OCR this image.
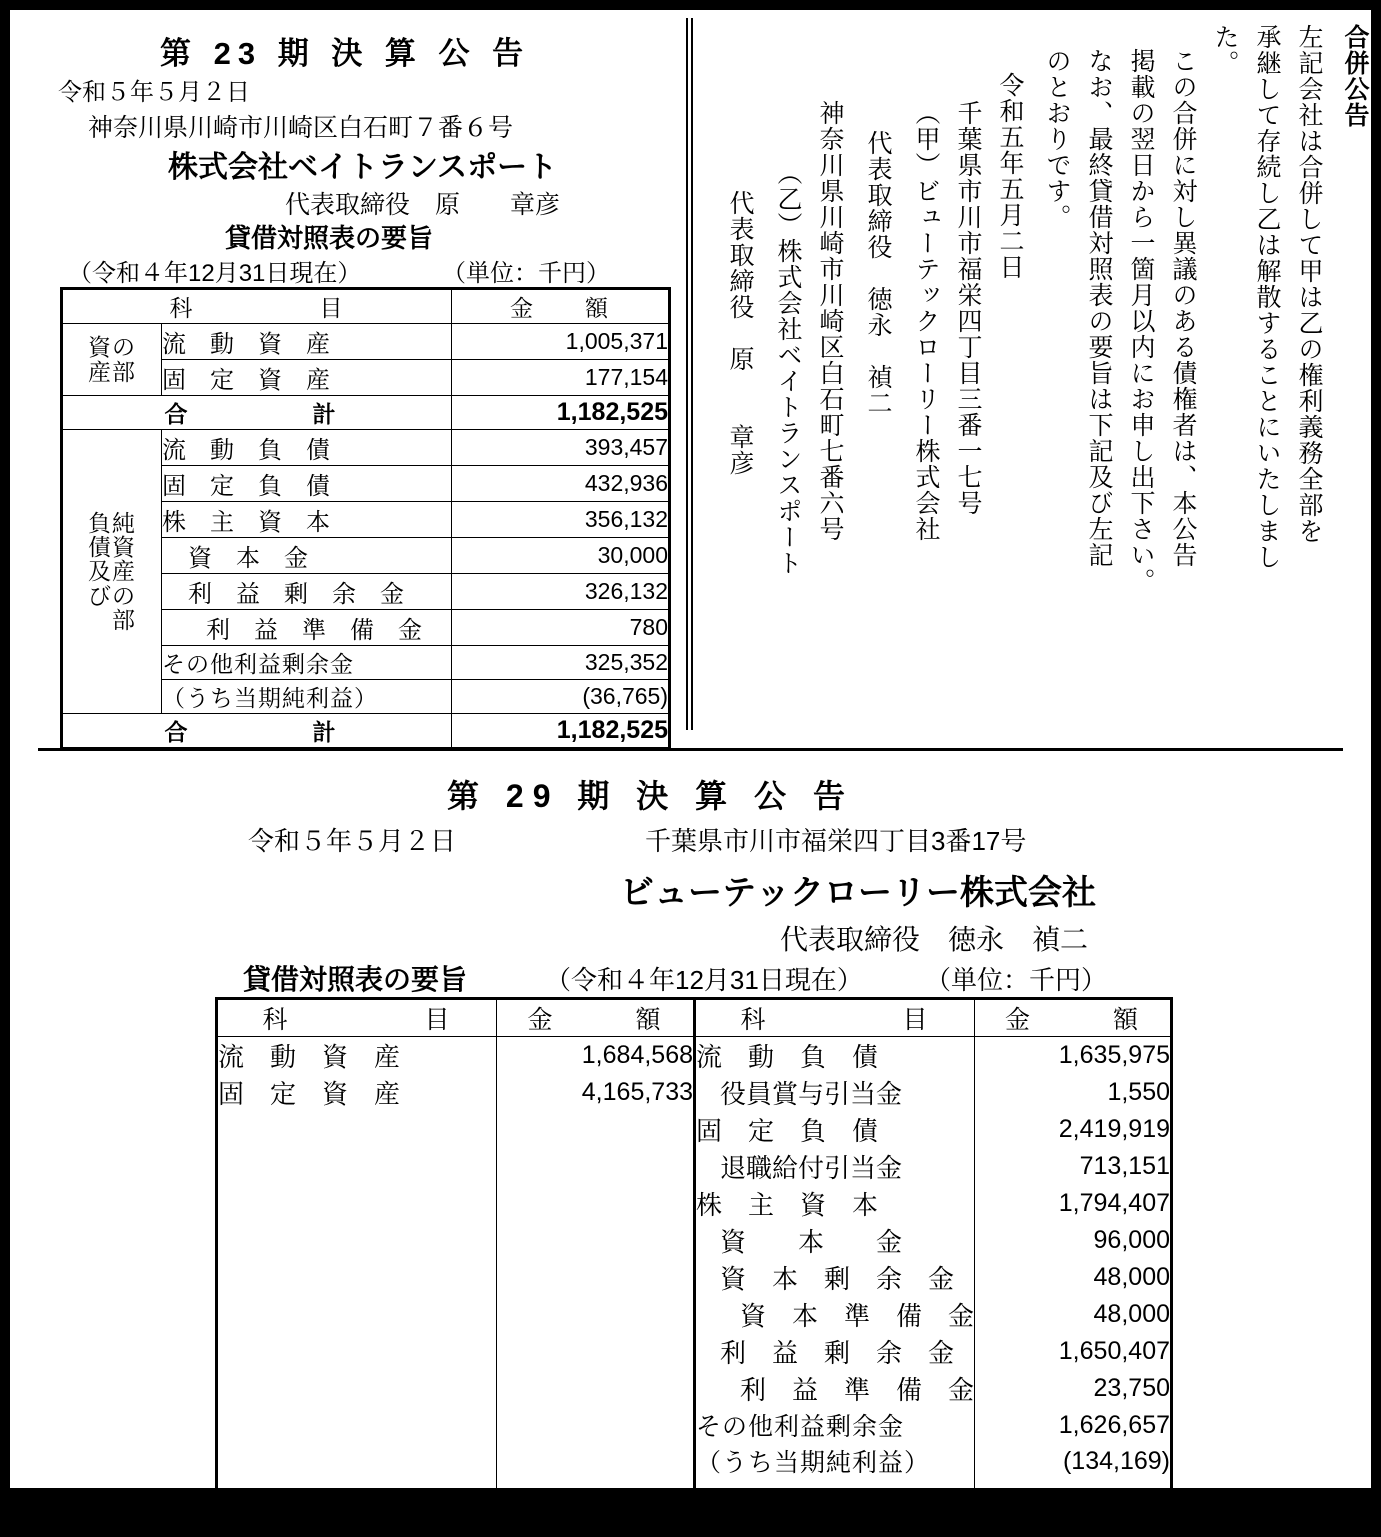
第 23 期 決 算 公 告
令和５年５月２日
神奈川県川崎市川崎区白石町７番６号
株式会社ベイトランスポート
代表取締役　原　　章彦
貸借対照表の要旨
（令和４年12月31日現在）	（単位：千円）
科　　　　　目		金　　額
資の
産部	流　動　資　産	1,005,371

	固　定　資　産	177,154
合　　　計		1,182,525
負純
債資
及産
びの
　部	流　動　負　債	393,457

	固　定　負　債	432,936

	株　主　資　本	356,132

	資　本　金	30,000

	利　益　剰　余　金	326,132

	利　益　準　備　金	780
	その他利益剰余金	325,352
	（うち当期純利益）	(36,765)
合　　　計		1,182,525
合併公告
左記会社は合併して甲は乙の権利義務全部を
承継して存続し乙は解散することにいたしまし
た。
この合併に対し異議のある債権者は、本公告
掲載の翌日から一箇月以内にお申し出下さい。
なお、最終貸借対照表の要旨は下記及び左記
のとおりです。
令和五年五月二日
千葉県市川市福栄四丁目三番一七号
（甲）ビューテックローリー株式会社
代表取締役　徳永　禎二
神奈川県川崎市川崎区白石町七番六号
（乙）株式会社ベイトランスポート
代表取締役　原　　章彦
第 29 期 決 算 公 告
令和５年５月２日	千葉県市川市福栄四丁目3番17号
ビューテックローリー株式会社
代表取締役　徳永　禎二
貸借対照表の要旨	（令和４年12月31日現在） （単位：千円）
科　　　　　目	金　　　額	科　　　　　目	金　　　額

流　動　資　産	1,684,568	流　動　負　債	1,635,975

固　定　資　産	4,165,733	役員賞与引当金	1,550

		固　定　負　債	2,419,919

		退職給付引当金	713,151

		株　主　資　本	1,794,407

		資　　本　　金	96,000

		資　本　剰　余　金	48,000

		資　本　準　備　金	48,000

		利　益　剰　余　金	1,650,407

		利　益　準　備　金	23,750
		その他利益剰余金	1,626,657
		（うち当期純利益）	(134,169)

資　産　合　計	5,850,302	負債・純資産合計	5,850,302
